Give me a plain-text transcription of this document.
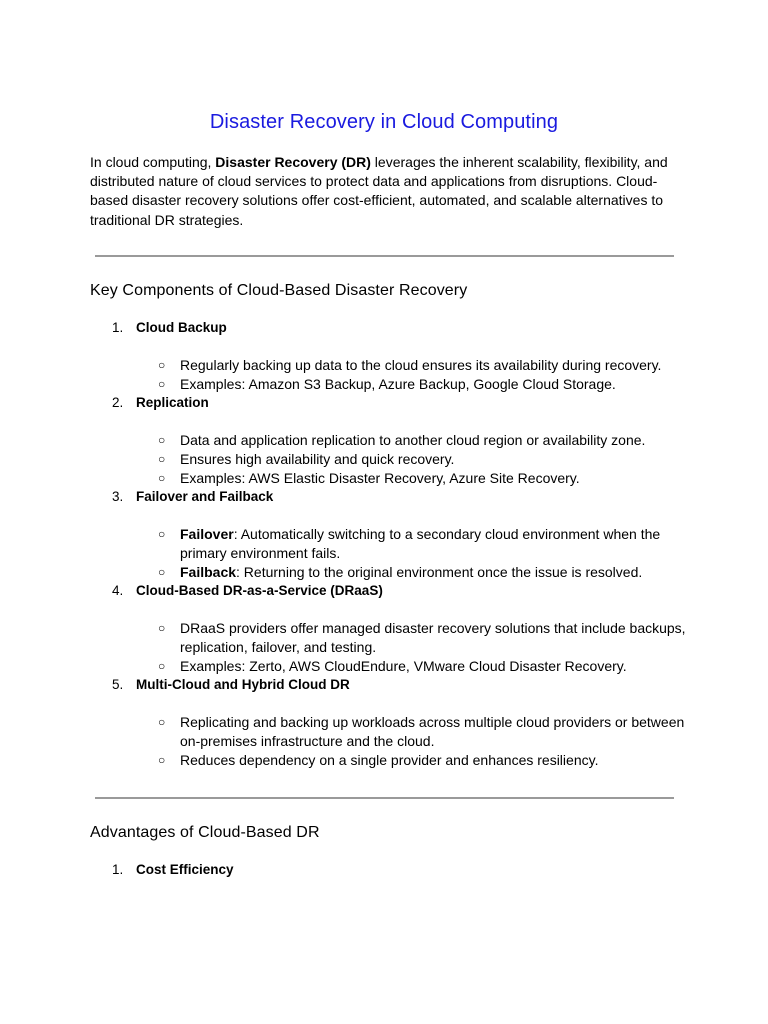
Disaster Recovery in Cloud Computing

In cloud computing, Disaster Recovery (DR) leverages the inherent scalability, flexibility, and distributed nature of cloud services to protect data and applications from disruptions. Cloud-based disaster recovery solutions offer cost-efficient, automated, and scalable alternatives to traditional DR strategies.

Key Components of Cloud-Based Disaster Recovery
1. Cloud Backup
○ Regularly backing up data to the cloud ensures its availability during recovery.
○ Examples: Amazon S3 Backup, Azure Backup, Google Cloud Storage.
2. Replication
○ Data and application replication to another cloud region or availability zone.
○ Ensures high availability and quick recovery.
○ Examples: AWS Elastic Disaster Recovery, Azure Site Recovery.
3. Failover and Failback
○ Failover: Automatically switching to a secondary cloud environment when the primary environment fails.
○ Failback: Returning to the original environment once the issue is resolved.
4. Cloud-Based DR-as-a-Service (DRaaS)
○ DRaaS providers offer managed disaster recovery solutions that include backups, replication, failover, and testing.
○ Examples: Zerto, AWS CloudEndure, VMware Cloud Disaster Recovery.
5. Multi-Cloud and Hybrid Cloud DR
○ Replicating and backing up workloads across multiple cloud providers or between on-premises infrastructure and the cloud.
○ Reduces dependency on a single provider and enhances resiliency.
Advantages of Cloud-Based DR
1. Cost Efficiency
